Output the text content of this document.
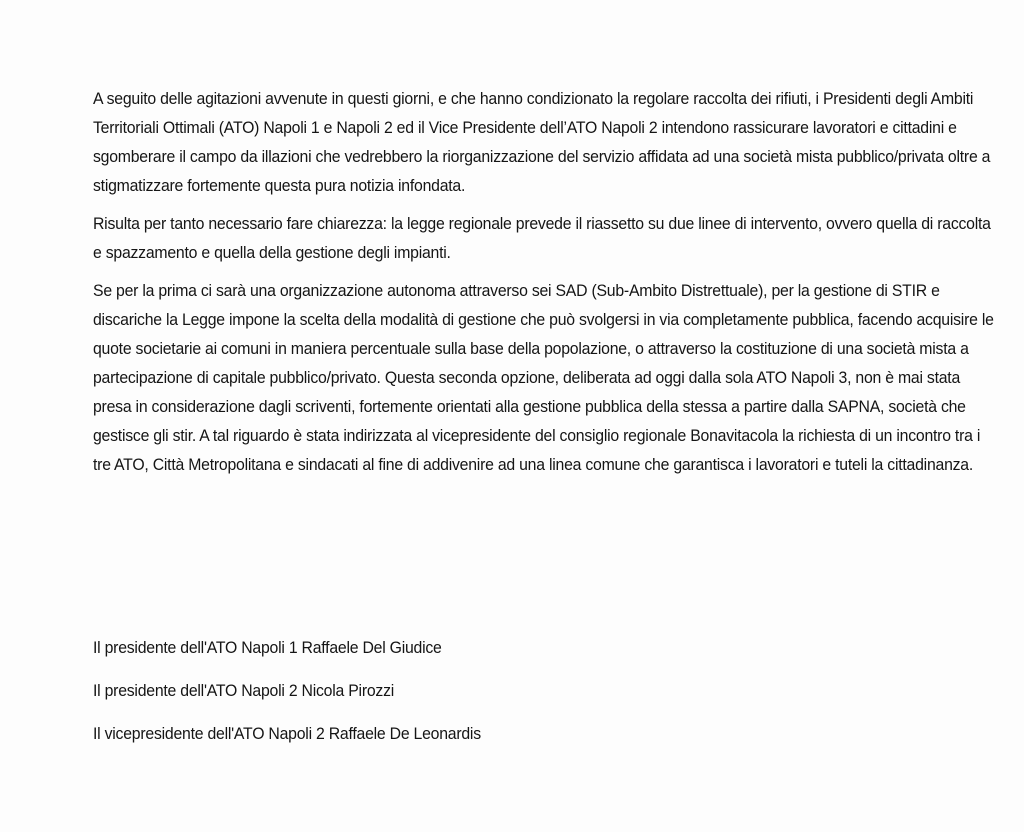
A seguito delle agitazioni avvenute in questi giorni, e che hanno condizionato la regolare raccolta dei rifiuti, i Presidenti degli Ambiti Territoriali Ottimali (ATO) Napoli 1 e Napoli 2 ed il Vice Presidente dell’ATO Napoli 2 intendono rassicurare lavoratori e cittadini e sgomberare il campo da illazioni che vedrebbero la riorganizzazione del servizio affidata ad una società mista pubblico/privata oltre a stigmatizzare fortemente questa pura notizia infondata.

Risulta per tanto necessario fare chiarezza: la legge regionale prevede il riassetto su due linee di intervento, ovvero quella di raccolta e spazzamento e quella della gestione degli impianti.

Se per la prima ci sarà una organizzazione autonoma attraverso sei SAD (Sub-Ambito Distrettuale), per la gestione di STIR e discariche la Legge impone la scelta della modalità di gestione che può svolgersi in via completamente pubblica, facendo acquisire le quote societarie ai comuni in maniera percentuale sulla base della popolazione, o attraverso la costituzione di una società mista a partecipazione di capitale pubblico/privato. Questa seconda opzione, deliberata ad oggi dalla sola ATO Napoli 3, non è mai stata presa in considerazione dagli scriventi, fortemente orientati alla gestione pubblica della stessa a partire dalla SAPNA, società che gestisce gli stir. A tal riguardo è stata indirizzata al vicepresidente del consiglio regionale Bonavitacola la richiesta di un incontro tra i tre ATO, Città Metropolitana e sindacati al fine di addivenire ad una linea comune che garantisca i lavoratori e tuteli la cittadinanza.

Il presidente dell'ATO Napoli 1 Raffaele Del Giudice

Il presidente dell'ATO Napoli 2 Nicola Pirozzi

Il vicepresidente dell'ATO Napoli 2 Raffaele De Leonardis
